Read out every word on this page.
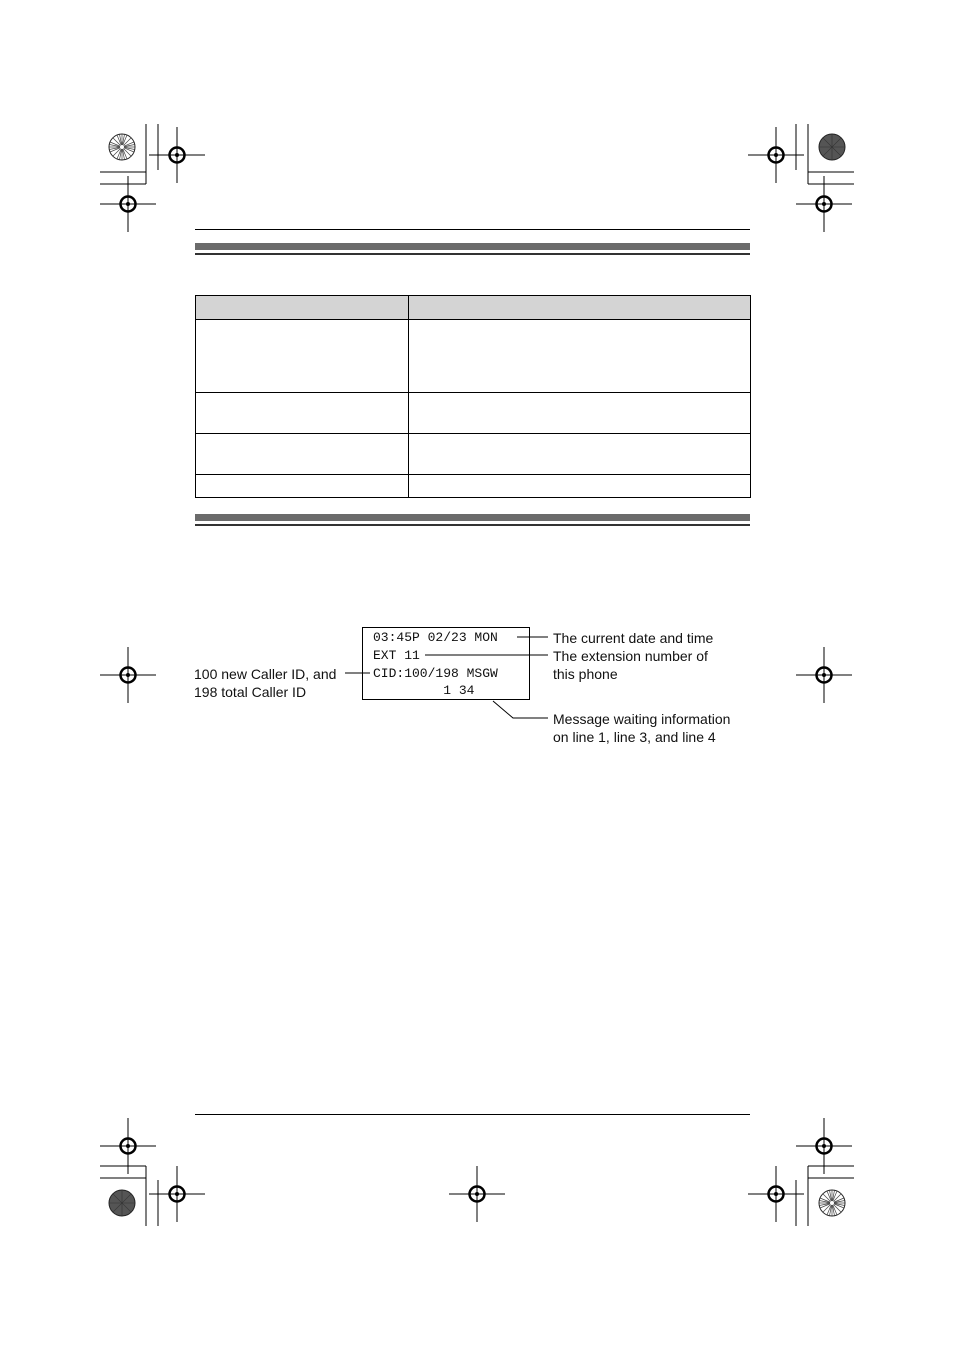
03:45P 02/23 MON
EXT 11
CID:100/198 MSGW
1 34
The current date and time
The extension number of
this phone
100 new Caller ID, and
198 total Caller ID
Message waiting information
on line 1, line 3, and line 4
